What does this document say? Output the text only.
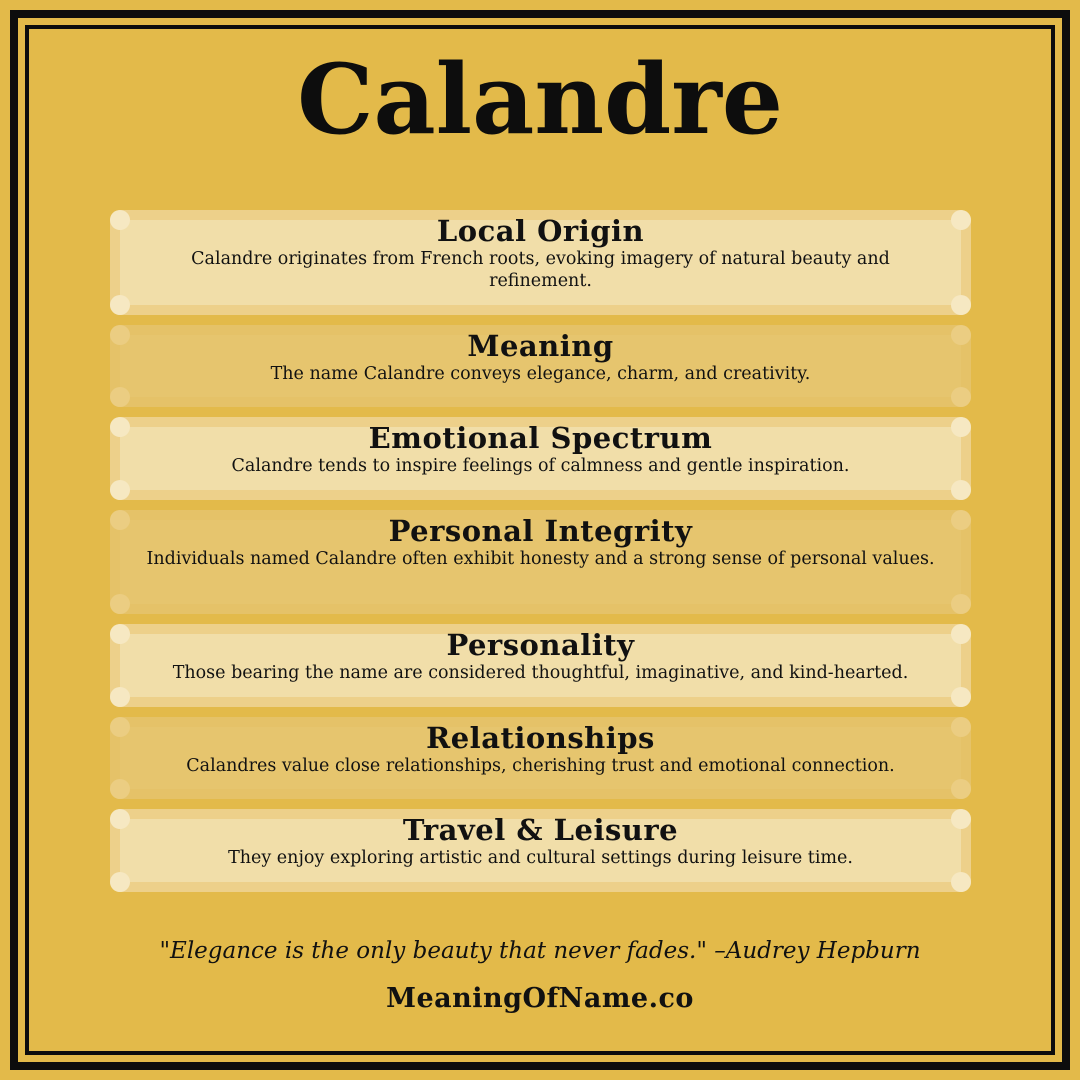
Calandre
Local Origin

Calandre originates from French roots, evoking imagery of natural beauty and refinement.

Meaning

The name Calandre conveys elegance, charm, and creativity.

Emotional Spectrum

Calandre tends to inspire feelings of calmness and gentle inspiration.

Personal Integrity

Individuals named Calandre often exhibit honesty and a strong sense of personal values.

Personality

Those bearing the name are considered thoughtful, imaginative, and kind-hearted.

Relationships

Calandres value close relationships, cherishing trust and emotional connection.

Travel & Leisure

They enjoy exploring artistic and cultural settings during leisure time.

"Elegance is the only beauty that never fades." –Audrey Hepburn
MeaningOfName.co
